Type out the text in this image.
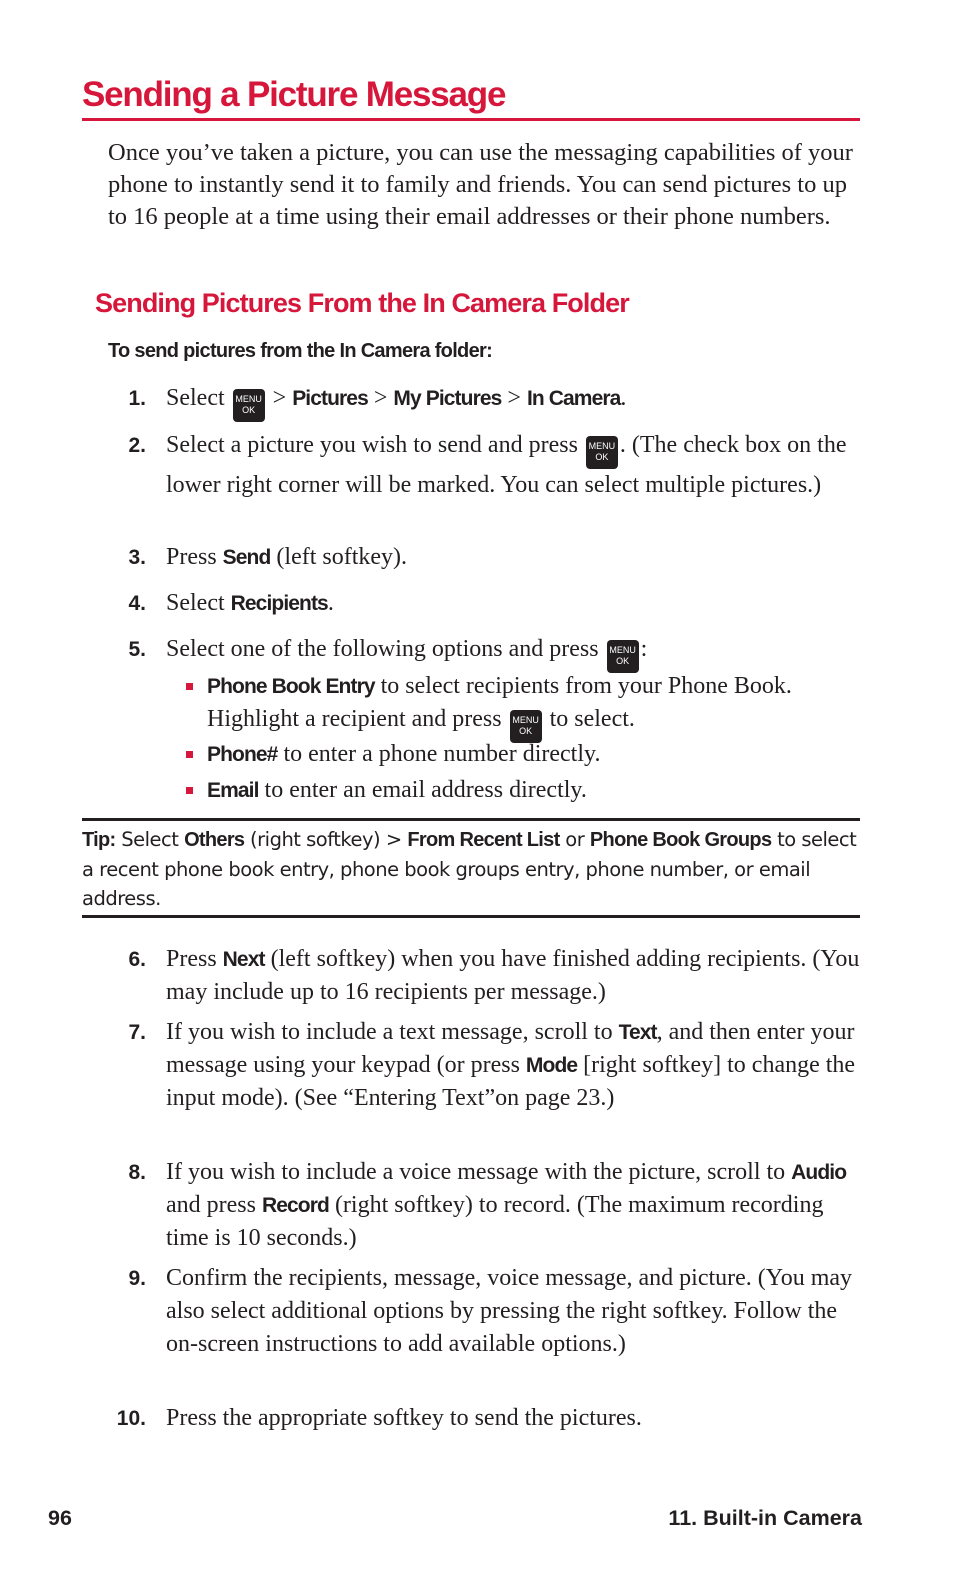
Sending a Picture Message

Once you’ve taken a picture, you can use the messaging capabilities of your phone to instantly send it to family and friends. You can send pictures to up to 16 people at a time using their email addresses or their phone numbers.

Sending Pictures From the In Camera Folder

To send pictures from the In Camera folder:

1. Select MENU
OK > Pictures > My Pictures > In Camera.
2. Select a picture you wish to send and press MENU
OK . (The check box on the lower right corner will be marked. You can select multiple pictures.)
3. Press Send (left softkey).
4. Select Recipients.
5. Select one of the following options and press MENU
OK :
Phone Book Entry to select recipients from your Phone Book. Highlight a recipient and press MENU
OK to select.
Phone# to enter a phone number directly.
Email to enter an email address directly.
Tip: Select Others (right softkey) > From Recent List or Phone Book Groups to select a recent phone book entry, phone book groups entry, phone number, or email address.
6. Press Next (left softkey) when you have finished adding recipients. (You may include up to 16 recipients per message.)
7. If you wish to include a text message, scroll to Text, and then enter your message using your keypad (or press Mode [right softkey] to change the input mode). (See “Entering Text”on page 23.)
8. If you wish to include a voice message with the picture, scroll to Audio and press Record (right softkey) to record. (The maximum recording time is 10 seconds.)
9. Confirm the recipients, message, voice message, and picture. (You may also select additional options by pressing the right softkey. Follow the on-screen instructions to add available options.)
10. Press the appropriate softkey to send the pictures.
96	11. Built-in Camera
